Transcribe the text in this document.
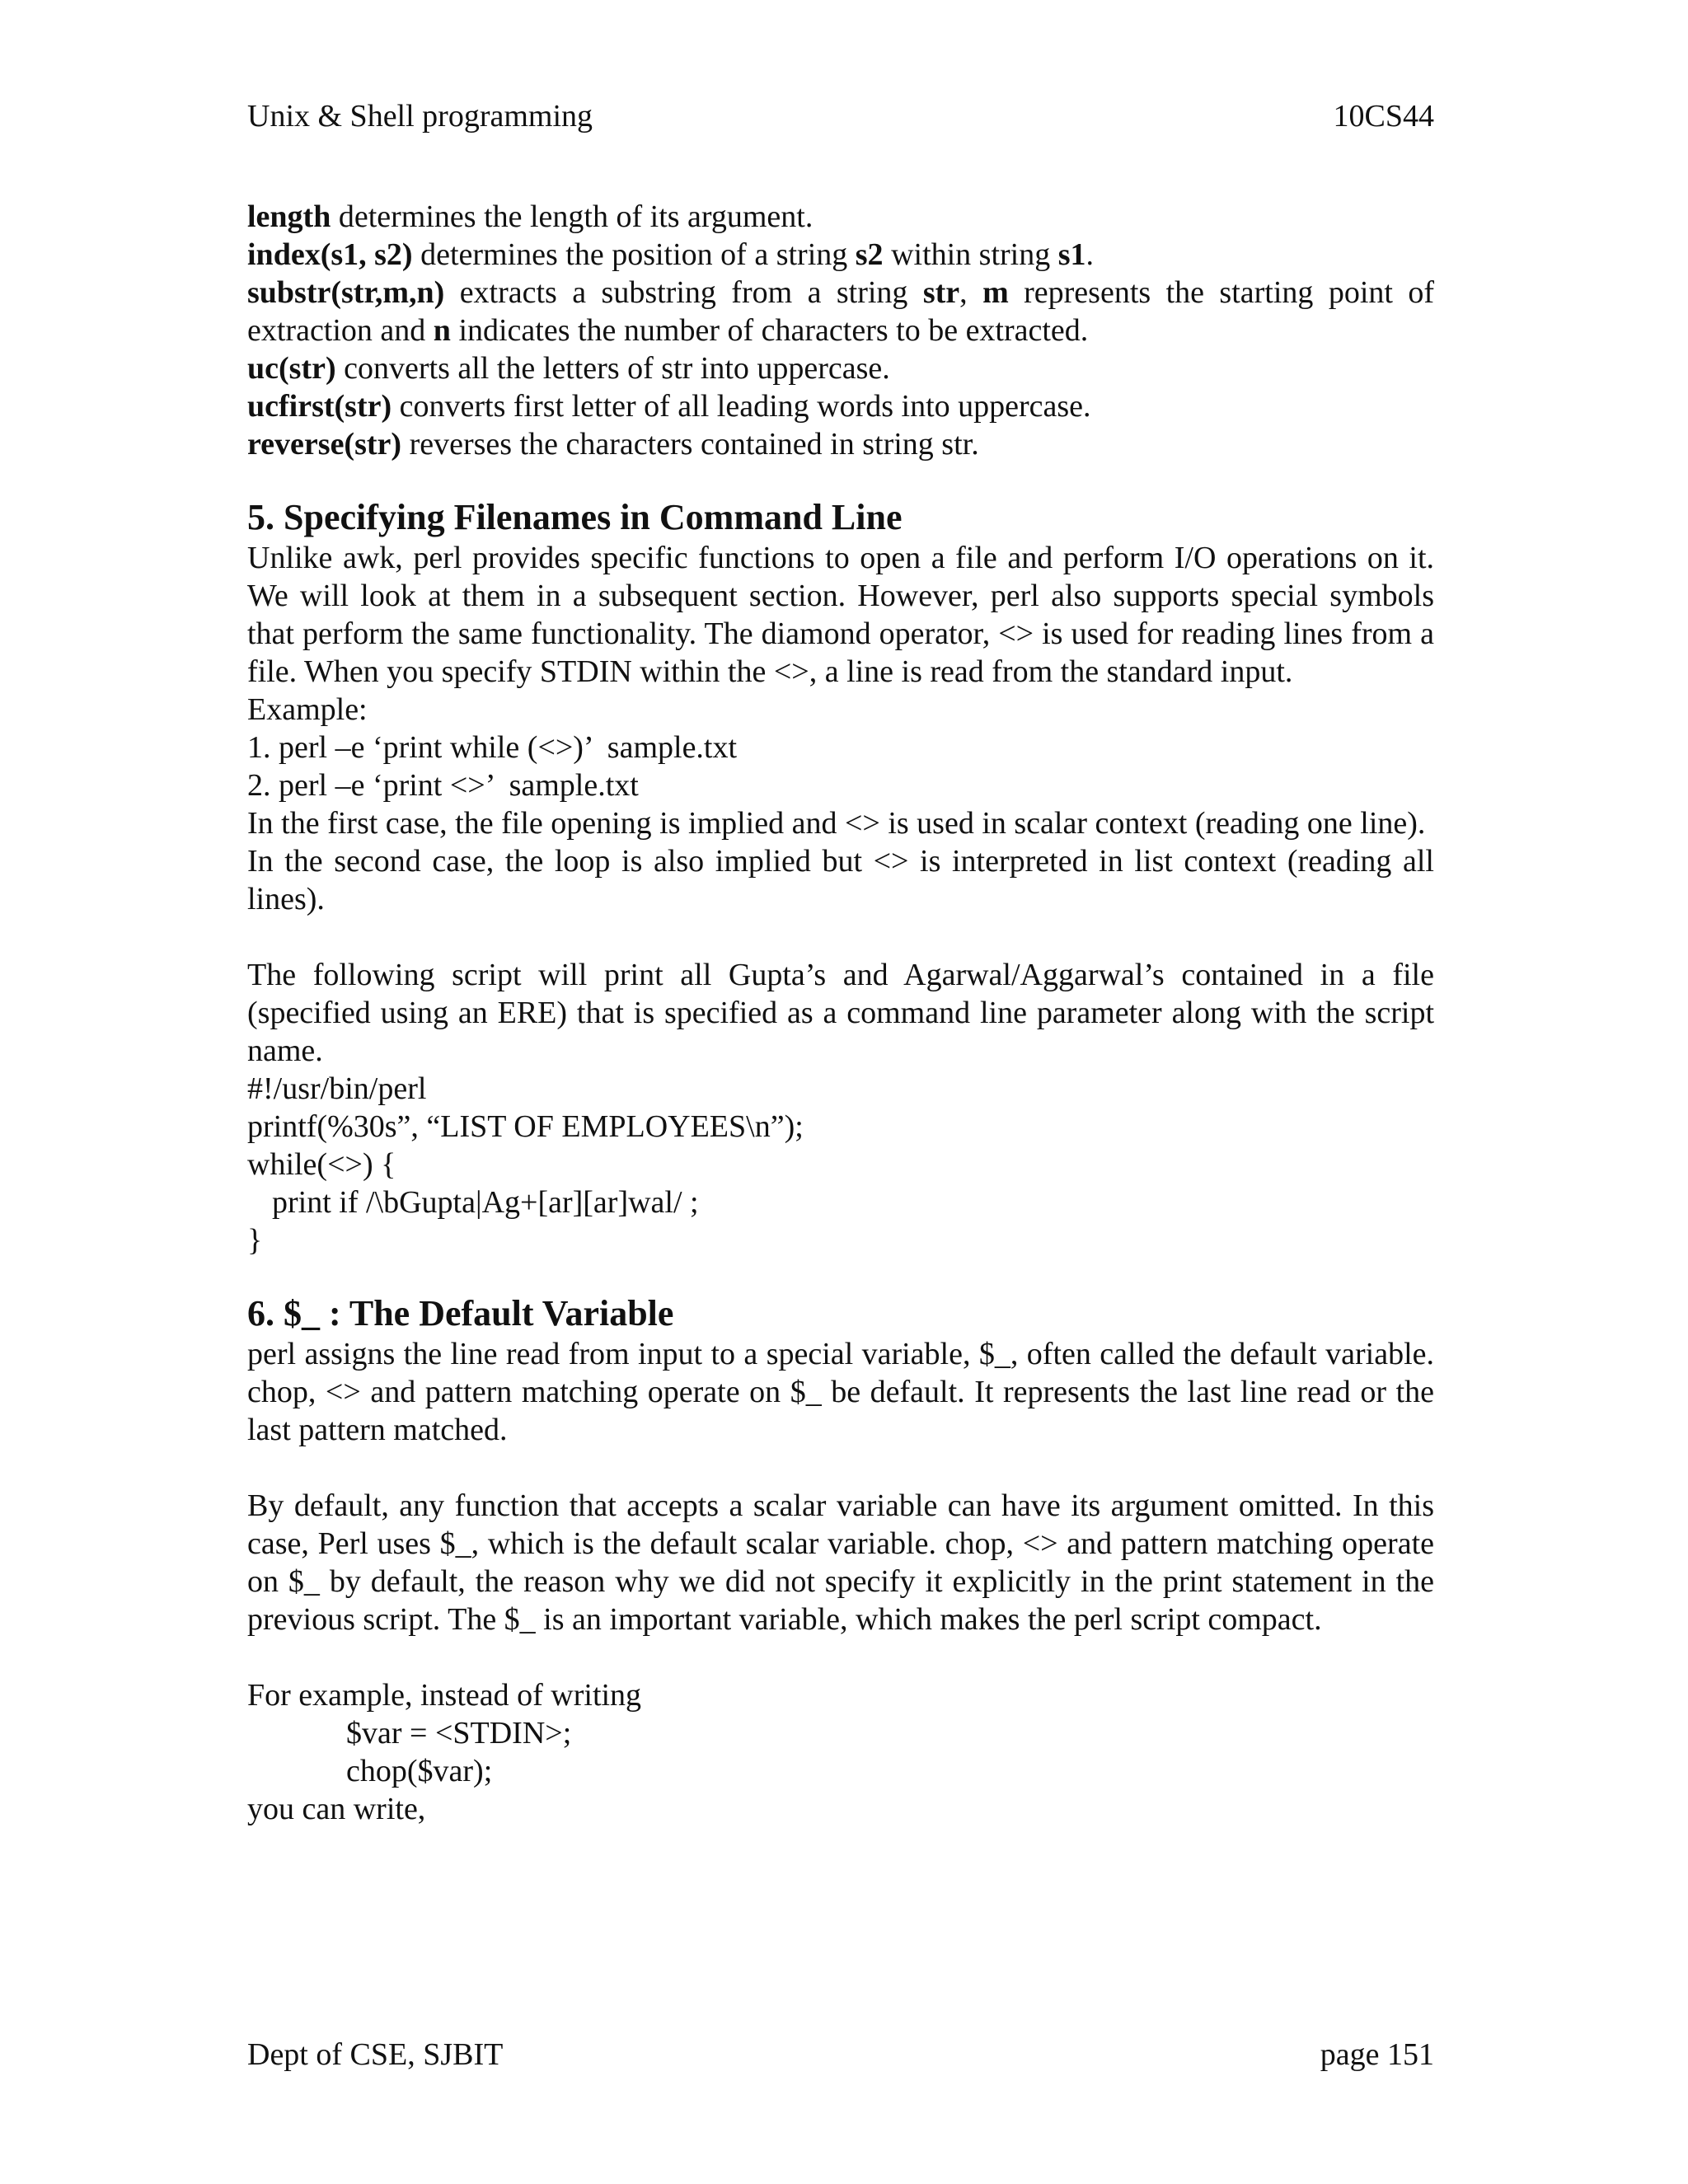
Unix & Shell programming	10CS44
length determines the length of its argument.
index(s1, s2) determines the position of a string s2 within string s1.
substr(str,m,n) extracts a substring from a string str, m represents the starting point of extraction and n indicates the number of characters to be extracted.
uc(str) converts all the letters of str into uppercase.
ucfirst(str) converts first letter of all leading words into uppercase.
reverse(str) reverses the characters contained in string str.
5. Specifying Filenames in Command Line
Unlike awk, perl provides specific functions to open a file and perform I/O operations on it. We will look at them in a subsequent section. However, perl also supports special symbols that perform the same functionality. The diamond operator, <> is used for reading lines from a file. When you specify STDIN within the <>, a line is read from the standard input.
Example:
1. perl –e ‘print while (<>)’  sample.txt
2. perl –e ‘print <>’  sample.txt
In the first case, the file opening is implied and <> is used in scalar context (reading one line).
In the second case, the loop is also implied but <> is interpreted in list context (reading all lines).
The following script will print all Gupta’s and Agarwal/Aggarwal’s contained in a file (specified using an ERE) that is specified as a command line parameter along with the script name.
#!/usr/bin/perl
printf(%30s”, “LIST OF EMPLOYEES\n”);
while(<>) {
print if /\bGupta|Ag+[ar][ar]wal/ ;
}
6. $_ : The Default Variable
perl assigns the line read from input to a special variable, $_, often called the default variable. chop, <> and pattern matching operate on $_ be default. It represents the last line read or the last pattern matched.
By default, any function that accepts a scalar variable can have its argument omitted. In this case, Perl uses $_, which is the default scalar variable. chop, <> and pattern matching operate on $_ by default, the reason why we did not specify it explicitly in the print statement in the previous script. The $_ is an important variable, which makes the perl script compact.
For example, instead of writing
$var = <STDIN>;
chop($var);
you can write,
Dept of CSE, SJBIT	page 151
